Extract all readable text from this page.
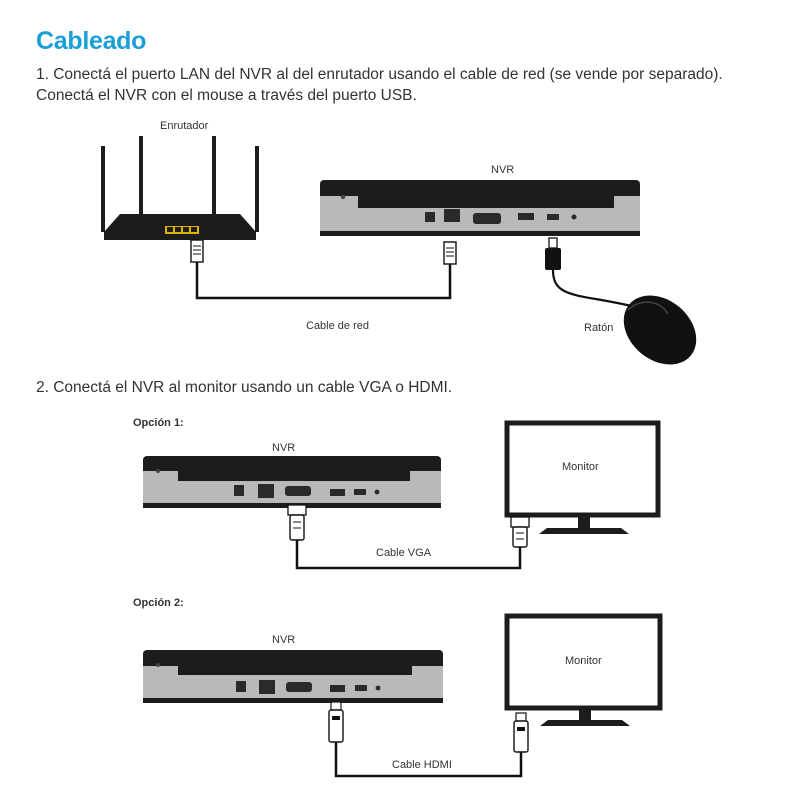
Cableado

1. Conectá el puerto LAN del NVR al del enrutador usando el cable de red (se vende por separado).
Conectá el NVR con el mouse a través del puerto USB.

2. Conectá el NVR al monitor usando un cable VGA o HDMI.

Enrutador
NVR
Cable de red	Ratón
Opción 1:
NVR
Monitor
Cable VGA
Opción 2:
NVR
Monitor
Cable HDMI
